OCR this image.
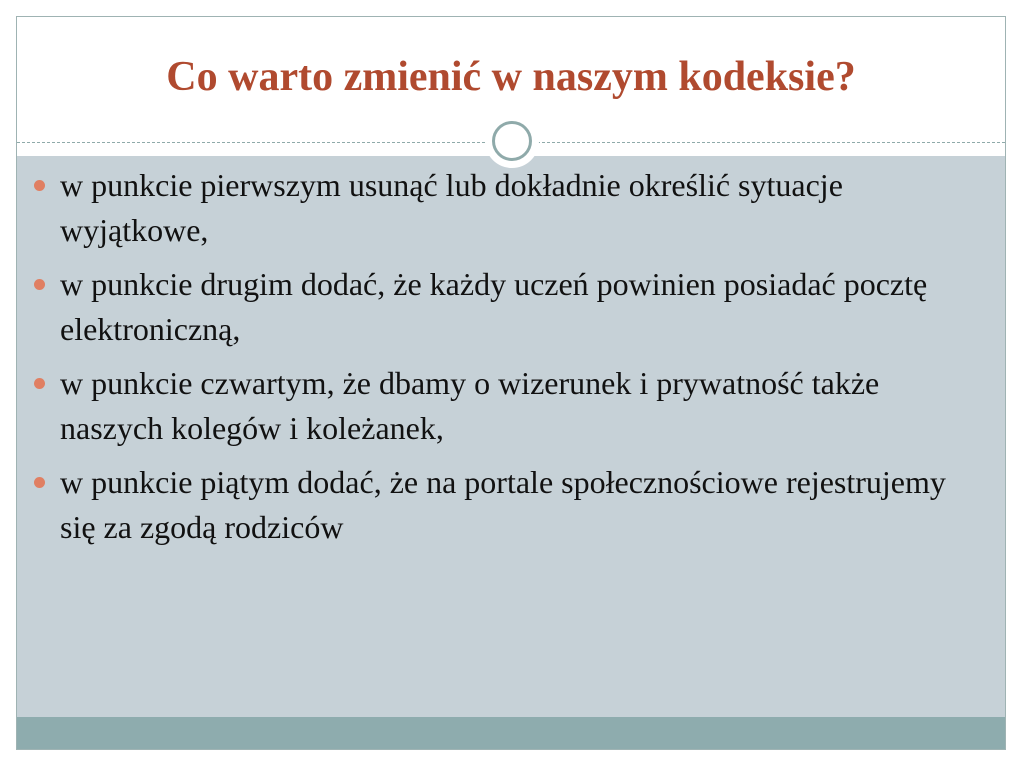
Co warto zmienić w naszym kodeksie?
w punkcie pierwszym usunąć lub dokładnie określić sytuacje wyjątkowe,
w punkcie drugim dodać, że każdy uczeń powinien posiadać pocztę elektroniczną,
w punkcie czwartym, że dbamy o wizerunek i prywatność także naszych kolegów i koleżanek,
w punkcie piątym dodać, że na portale społecznościowe rejestrujemy się za zgodą rodziców
